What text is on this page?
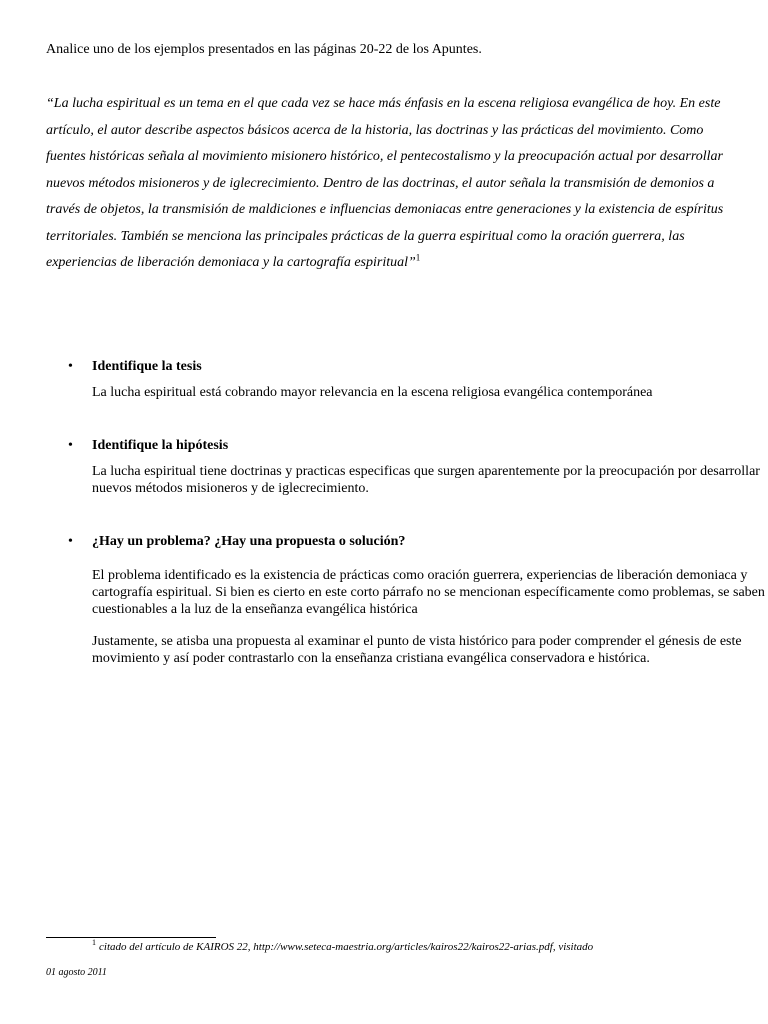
Analice uno de los ejemplos presentados en las páginas 20-22 de los Apuntes.

“La lucha espiritual es un tema en el que cada vez se hace más énfasis en la escena religiosa evangélica de hoy. En este artículo, el autor describe aspectos básicos acerca de la historia, las doctrinas y las prácticas del movimiento. Como fuentes históricas señala al movimiento misionero histórico, el pentecostalismo y la preocupación actual por desarrollar nuevos métodos misioneros y de iglecrecimiento. Dentro de las doctrinas, el autor señala la transmisión de demonios a través de objetos, la transmisión de maldiciones e influencias demoniacas entre generaciones y la existencia de espíritus territoriales. También se menciona las principales prácticas de la guerra espiritual como la oración guerrera, las experiencias de liberación demoniaca y la cartografía espiritual”$^1$

• Identifique la tesis

La lucha espiritual está cobrando mayor relevancia en la escena religiosa evangélica contemporánea

• Identifique la hipótesis

La lucha espiritual tiene doctrinas y practicas especificas que surgen aparentemente por la preocupación por desarrollar nuevos métodos misioneros y de iglecrecimiento.

• ¿Hay un problema? ¿Hay una propuesta o solución?

El problema identificado es la existencia de prácticas como oración guerrera, experiencias de liberación demoniaca y cartografía espiritual. Si bien es cierto en este corto párrafo no se mencionan específicamente como problemas, se saben cuestionables a la luz de la enseñanza evangélica histórica

Justamente, se atisba una propuesta al examinar el punto de vista histórico para poder comprender el génesis de este movimiento y así poder contrastarlo con la enseñanza cristiana evangélica conservadora e histórica.

$^1$ citado del artículo de KAIROS 22, http://www.seteca-maestria.org/articles/kairos22/kairos22-arias.pdf, visitado

01 agosto 2011
